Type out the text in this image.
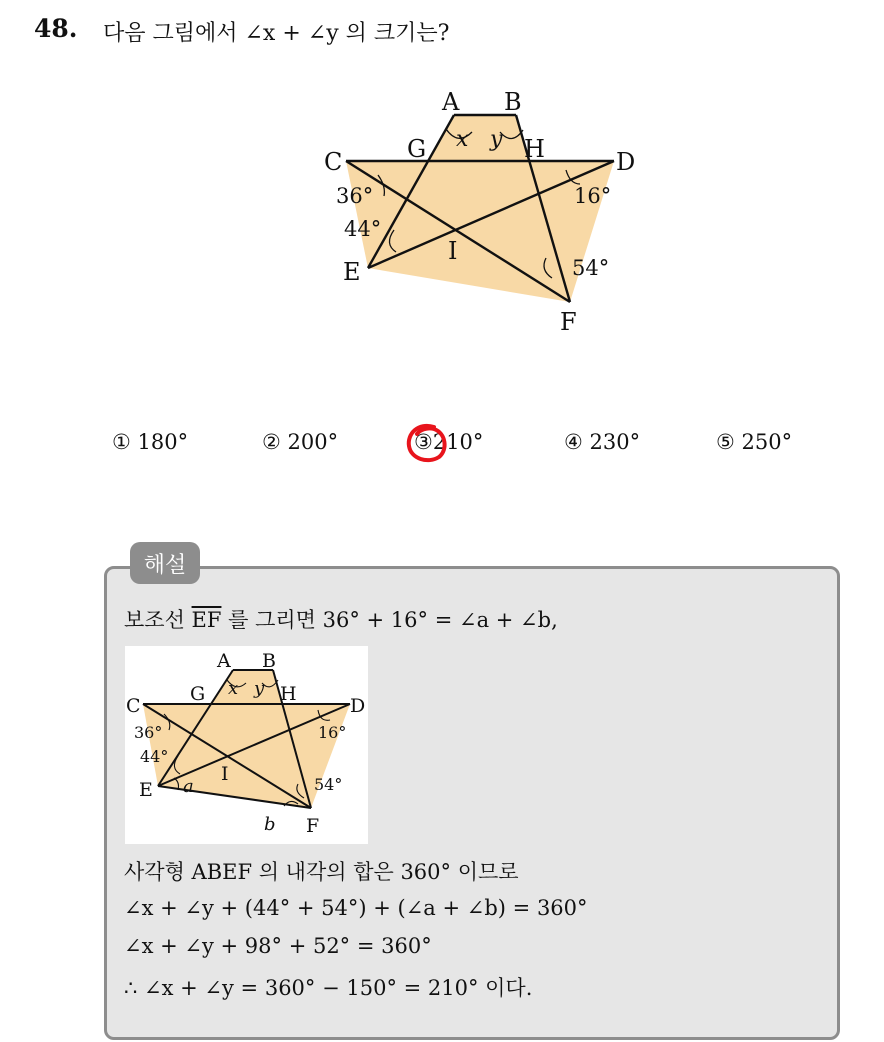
48. 다음 그림에서 ∠x + ∠y 의 크기는?
A B
C	D
E
F
G	H
I
x y
36°
44°
16°
54°
① 180°	② 200°	③210°	④ 230°	⑤ 250°
해설
보조선 $\overline{EF}$ 를 그리면 36° + 16° = ∠a + ∠b,
A B
C	D
E
F
G	H
I
x y
a
b
36°
44°
16°
54°
사각형 ABEF 의 내각의 합은 360° 이므로
∠x + ∠y + (44° + 54°) + (∠a + ∠b) = 360°
∠x + ∠y + 98° + 52° = 360°
∴ ∠x + ∠y = 360° − 150° = 210° 이다.
